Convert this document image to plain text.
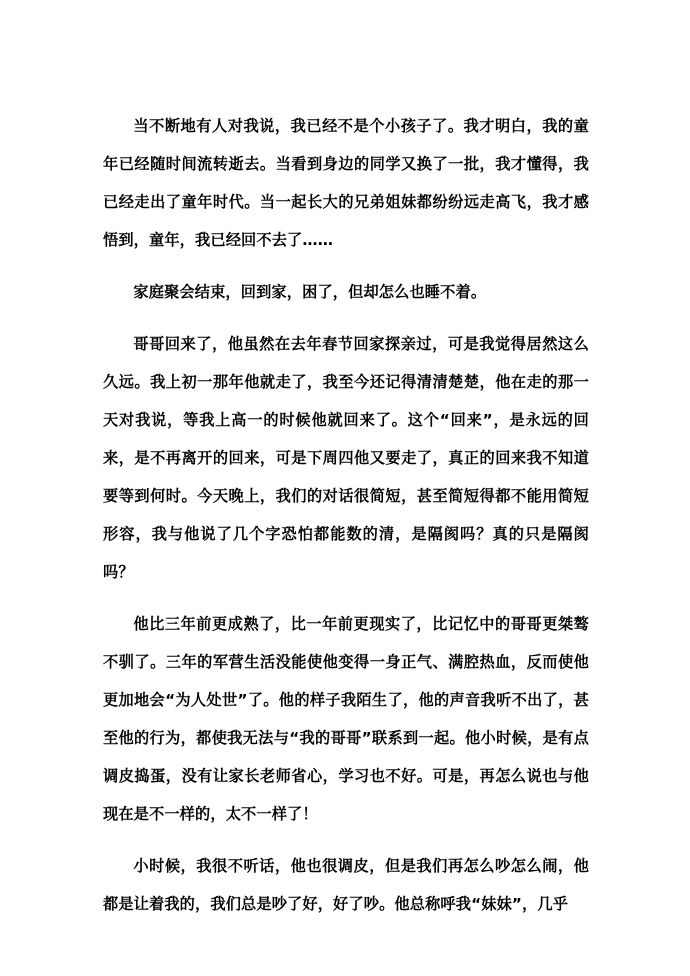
当不断地有人对我说，我已经不是个小孩子了。我才明白，我的童年已经随时间流转逝去。当看到身边的同学又换了一批，我才懂得，我已经走出了童年时代。当一起长大的兄弟姐妹都纷纷远走高飞，我才感悟到，童年，我已经回不去了……

家庭聚会结束，回到家，困了，但却怎么也睡不着。

哥哥回来了，他虽然在去年春节回家探亲过，可是我觉得居然这么久远。我上初一那年他就走了，我至今还记得清清楚楚，他在走的那一天对我说，等我上高一的时候他就回来了。这个“回来”，是永远的回来，是不再离开的回来，可是下周四他又要走了，真正的回来我不知道要等到何时。今天晚上，我们的对话很简短，甚至简短得都不能用简短形容，我与他说了几个字恐怕都能数的清，是隔阂吗？真的只是隔阂吗？

他比三年前更成熟了，比一年前更现实了，比记忆中的哥哥更桀骜不驯了。三年的军营生活没能使他变得一身正气、满腔热血，反而使他更加地会“为人处世”了。他的样子我陌生了，他的声音我听不出了，甚至他的行为，都使我无法与“我的哥哥”联系到一起。他小时候，是有点调皮捣蛋，没有让家长老师省心，学习也不好。可是，再怎么说也与他现在是不一样的，太不一样了！

小时候，我很不听话，他也很调皮，但是我们再怎么吵怎么闹，他都是让着我的，我们总是吵了好，好了吵。他总称呼我“妹妹”，几乎
